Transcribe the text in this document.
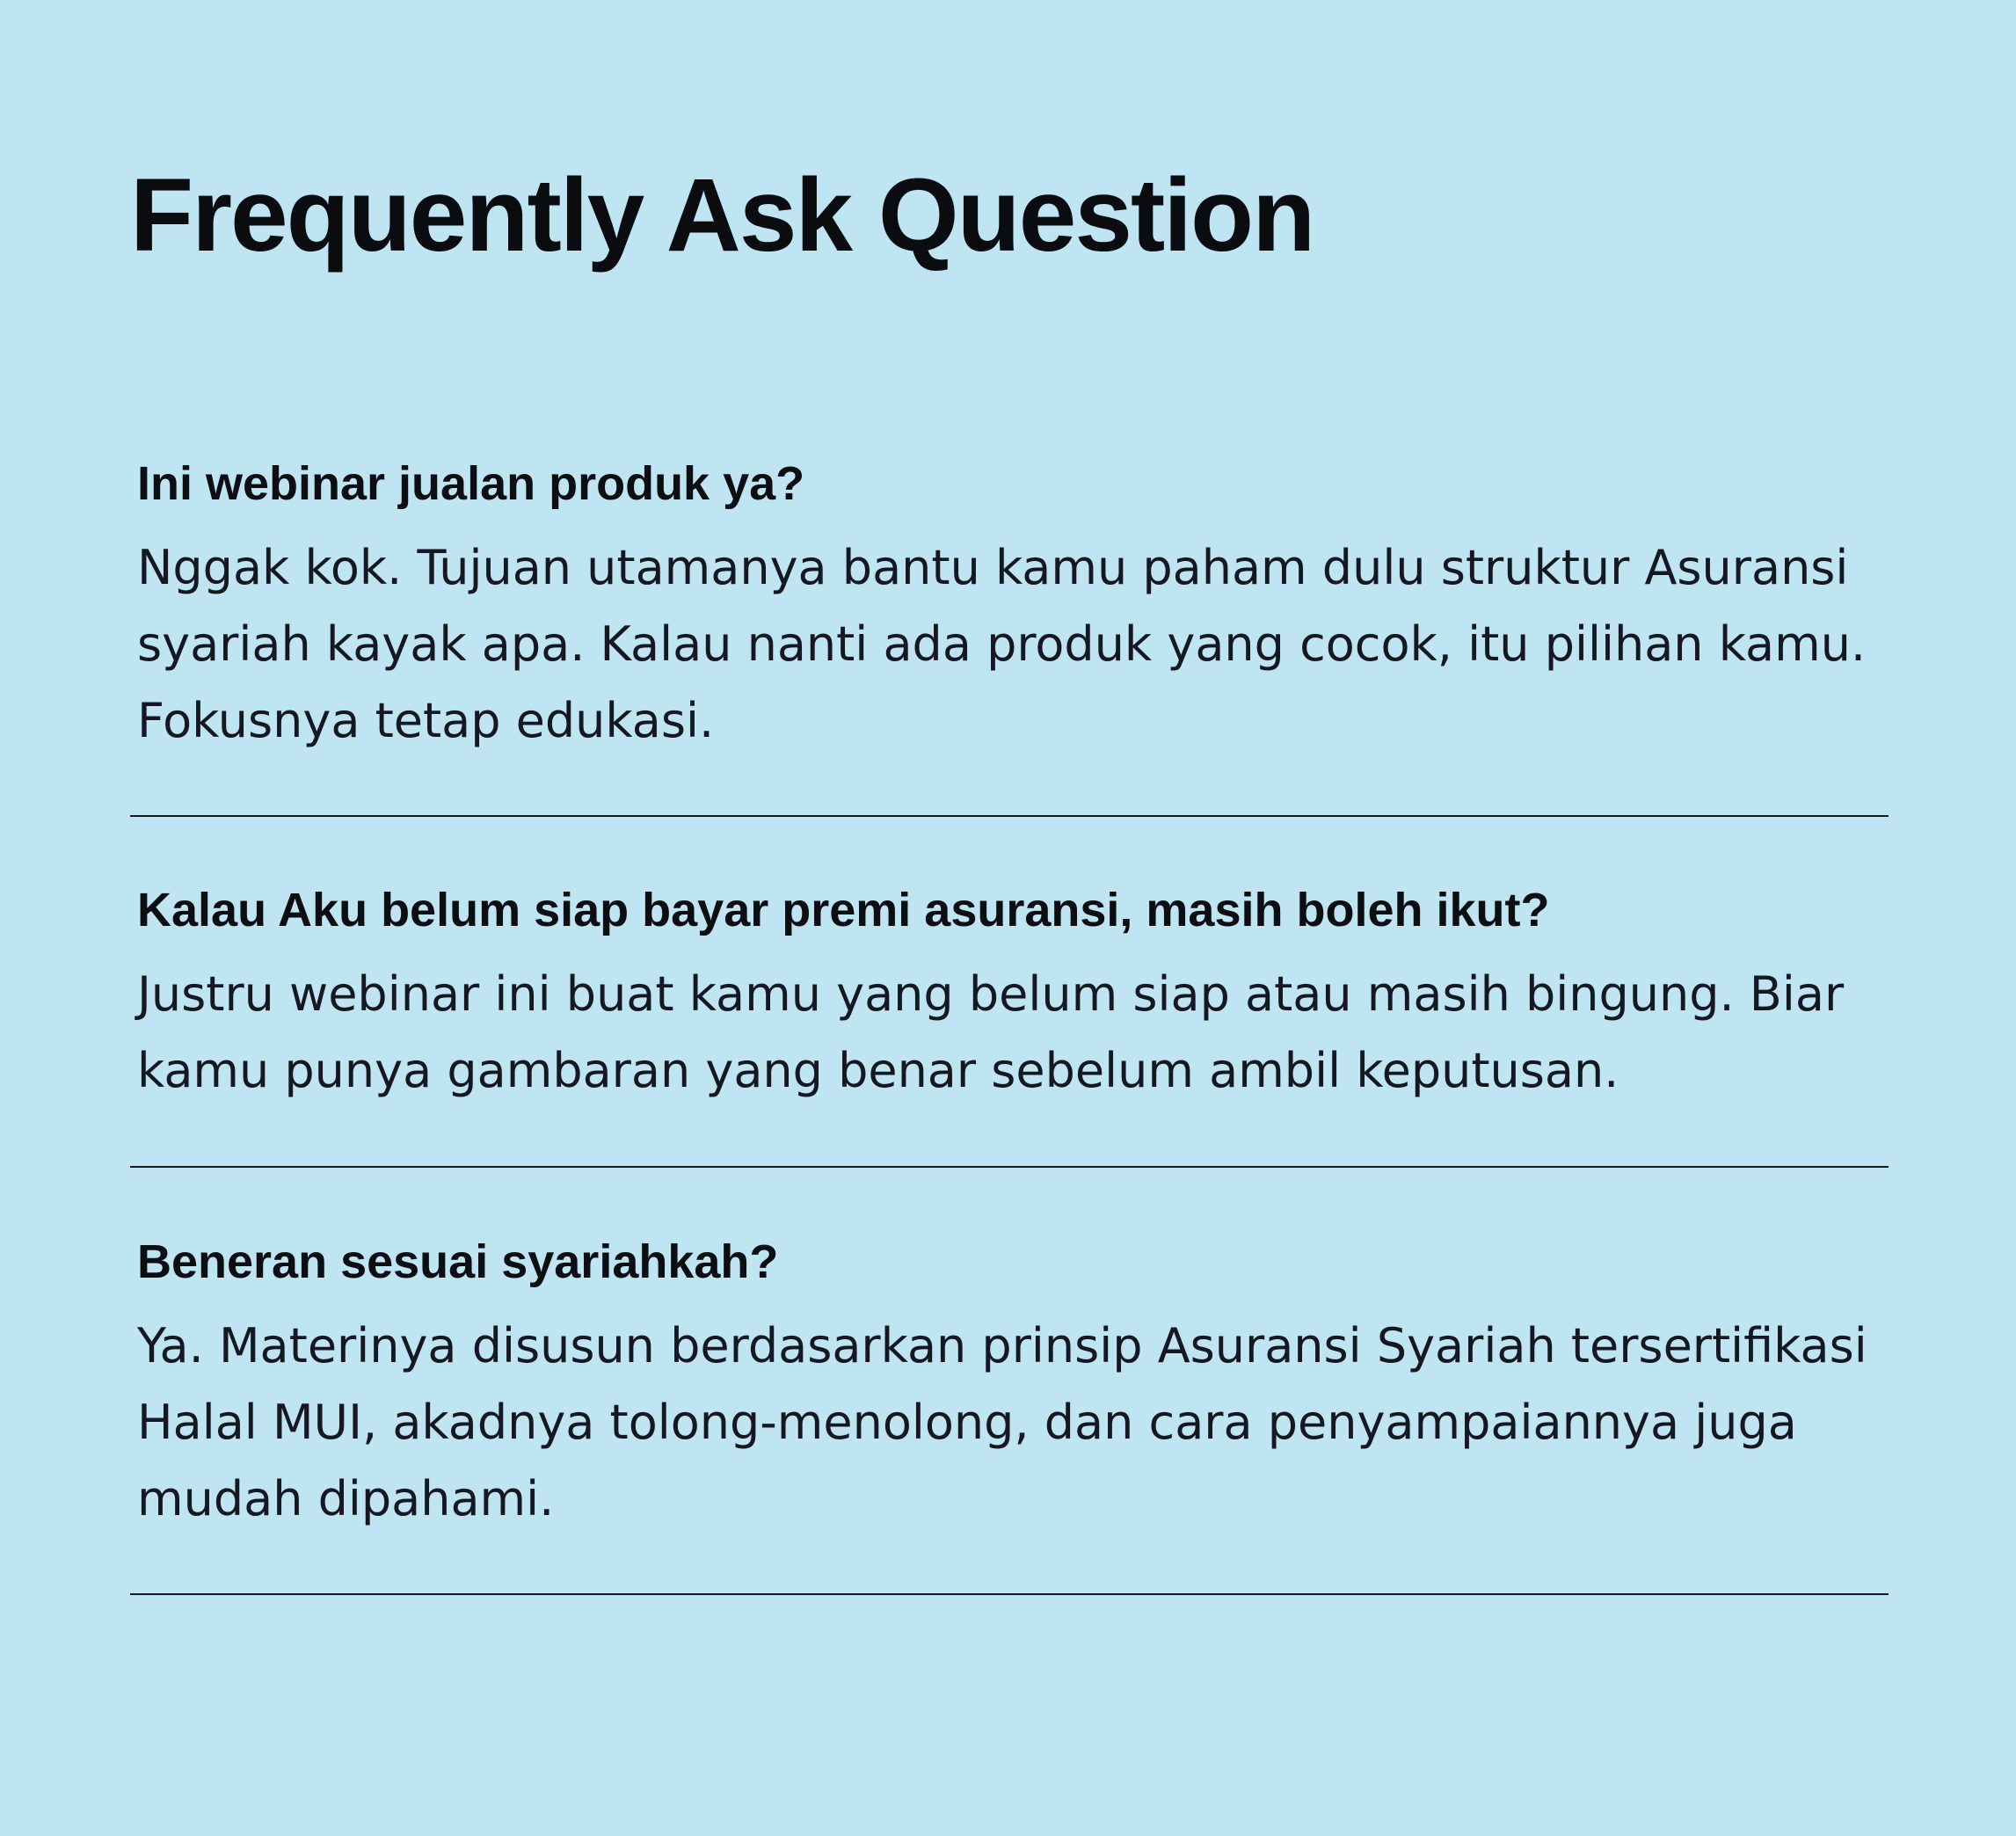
Frequently Ask Question
Ini webinar jualan produk ya?

Nggak kok. Tujuan utamanya bantu kamu paham dulu struktur Asuransi

syariah kayak apa. Kalau nanti ada produk yang cocok, itu pilihan kamu.

Fokusnya tetap edukasi.

Kalau Aku belum siap bayar premi asuransi, masih boleh ikut?

Justru webinar ini buat kamu yang belum siap atau masih bingung. Biar

kamu punya gambaran yang benar sebelum ambil keputusan.

Beneran sesuai syariahkah?

Ya. Materinya disusun berdasarkan prinsip Asuransi Syariah tersertifikasi

Halal MUI, akadnya tolong-menolong, dan cara penyampaiannya juga

mudah dipahami.
